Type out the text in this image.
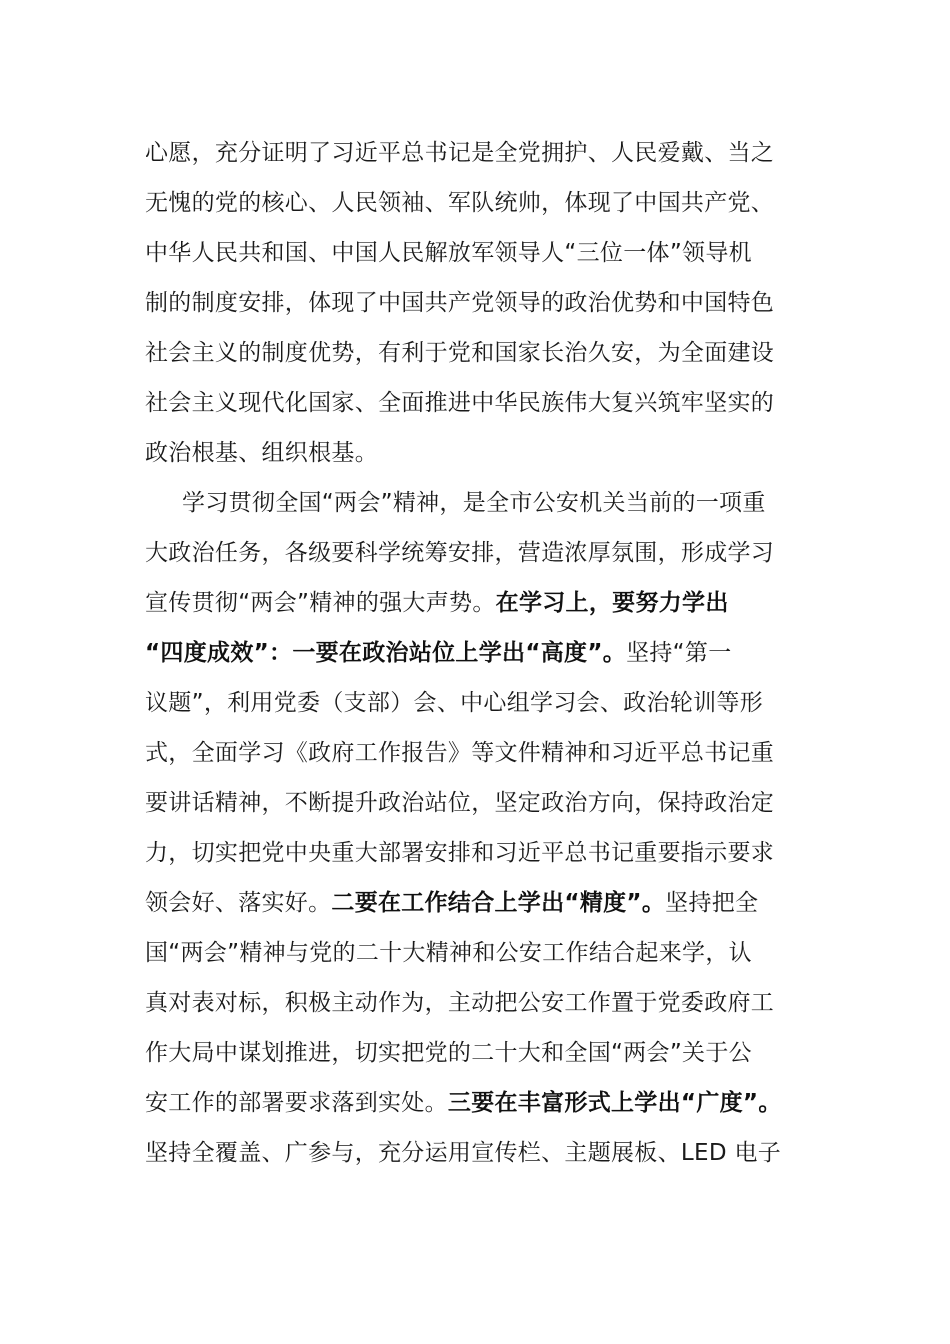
心愿，充分证明了习近平总书记是全党拥护、人民爱戴、当之
无愧的党的核心、人民领袖、军队统帅，体现了中国共产党、
中华人民共和国、中国人民解放军领导人“三位一体”领导机
制的制度安排，体现了中国共产党领导的政治优势和中国特色
社会主义的制度优势，有利于党和国家长治久安，为全面建设
社会主义现代化国家、全面推进中华民族伟大复兴筑牢坚实的
政治根基、组织根基。
学习贯彻全国“两会”精神，是全市公安机关当前的一项重
大政治任务，各级要科学统筹安排，营造浓厚氛围，形成学习
宣传贯彻“两会”精神的强大声势。在学习上，要努力学出
“四度成效”：一要在政治站位上学出“高度”。坚持“第一
议题”，利用党委（支部）会、中心组学习会、政治轮训等形
式，全面学习《政府工作报告》等文件精神和习近平总书记重
要讲话精神，不断提升政治站位，坚定政治方向，保持政治定
力，切实把党中央重大部署安排和习近平总书记重要指示要求
领会好、落实好。二要在工作结合上学出“精度”。坚持把全
国“两会”精神与党的二十大精神和公安工作结合起来学，认
真对表对标，积极主动作为，主动把公安工作置于党委政府工
作大局中谋划推进，切实把党的二十大和全国“两会”关于公
安工作的部署要求落到实处。三要在丰富形式上学出“广度”。
坚持全覆盖、广参与，充分运用宣传栏、主题展板、LED 电子
